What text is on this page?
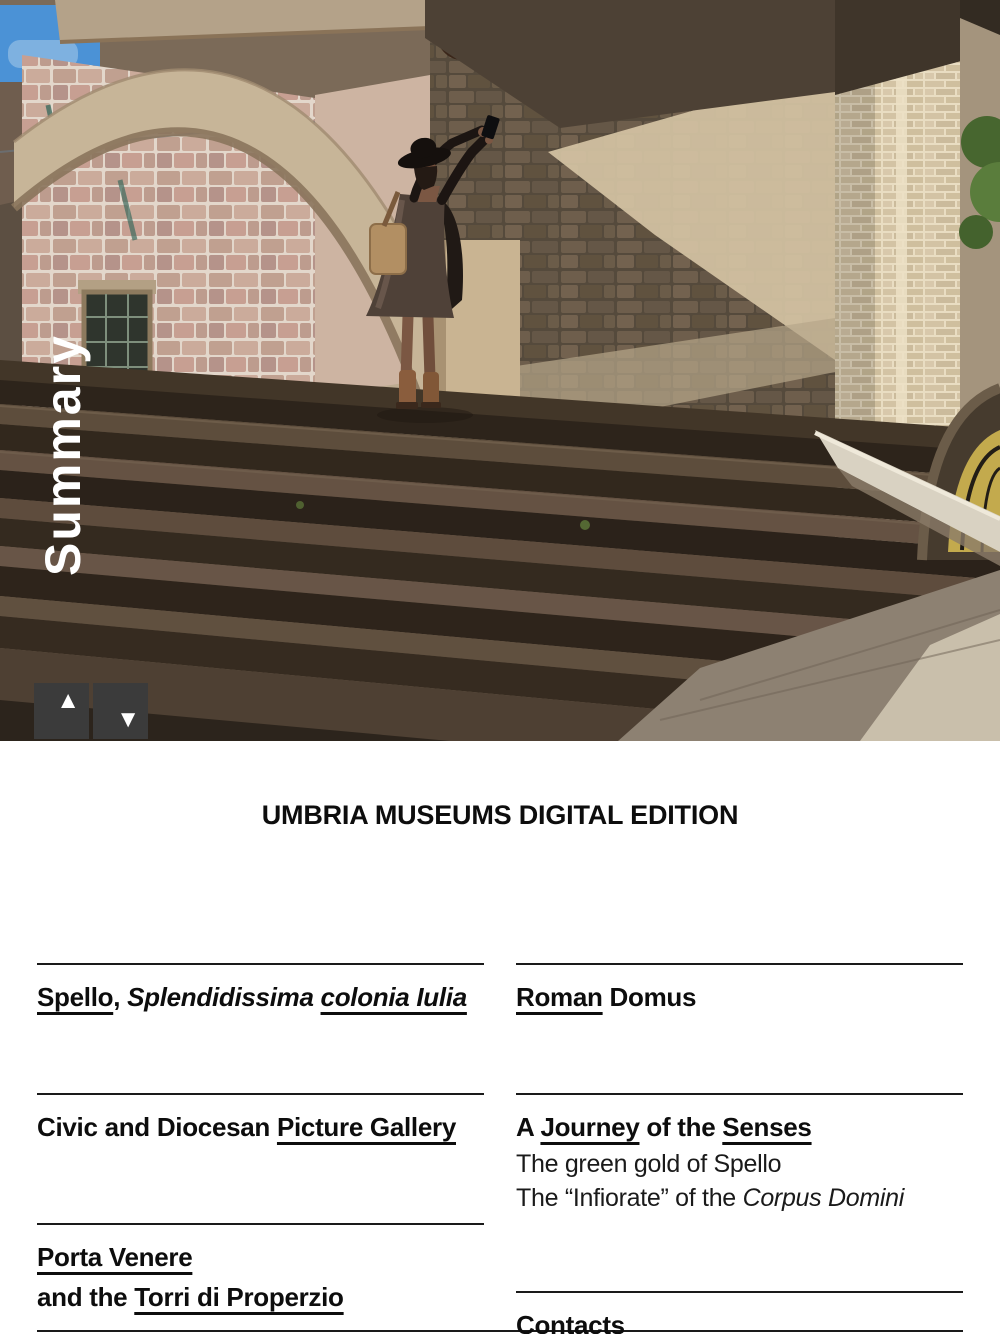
Summary
▲
▼
UMBRIA MUSEUMS DIGITAL EDITION
Spello, Splendidissima colonia Iulia
Civic and Diocesan Picture Gallery
Porta Venere
and the Torri di Properzio
Roman Domus
A Journey of the Senses
The green gold of Spello
The “Infiorate” of the Corpus Domini
Contacts
